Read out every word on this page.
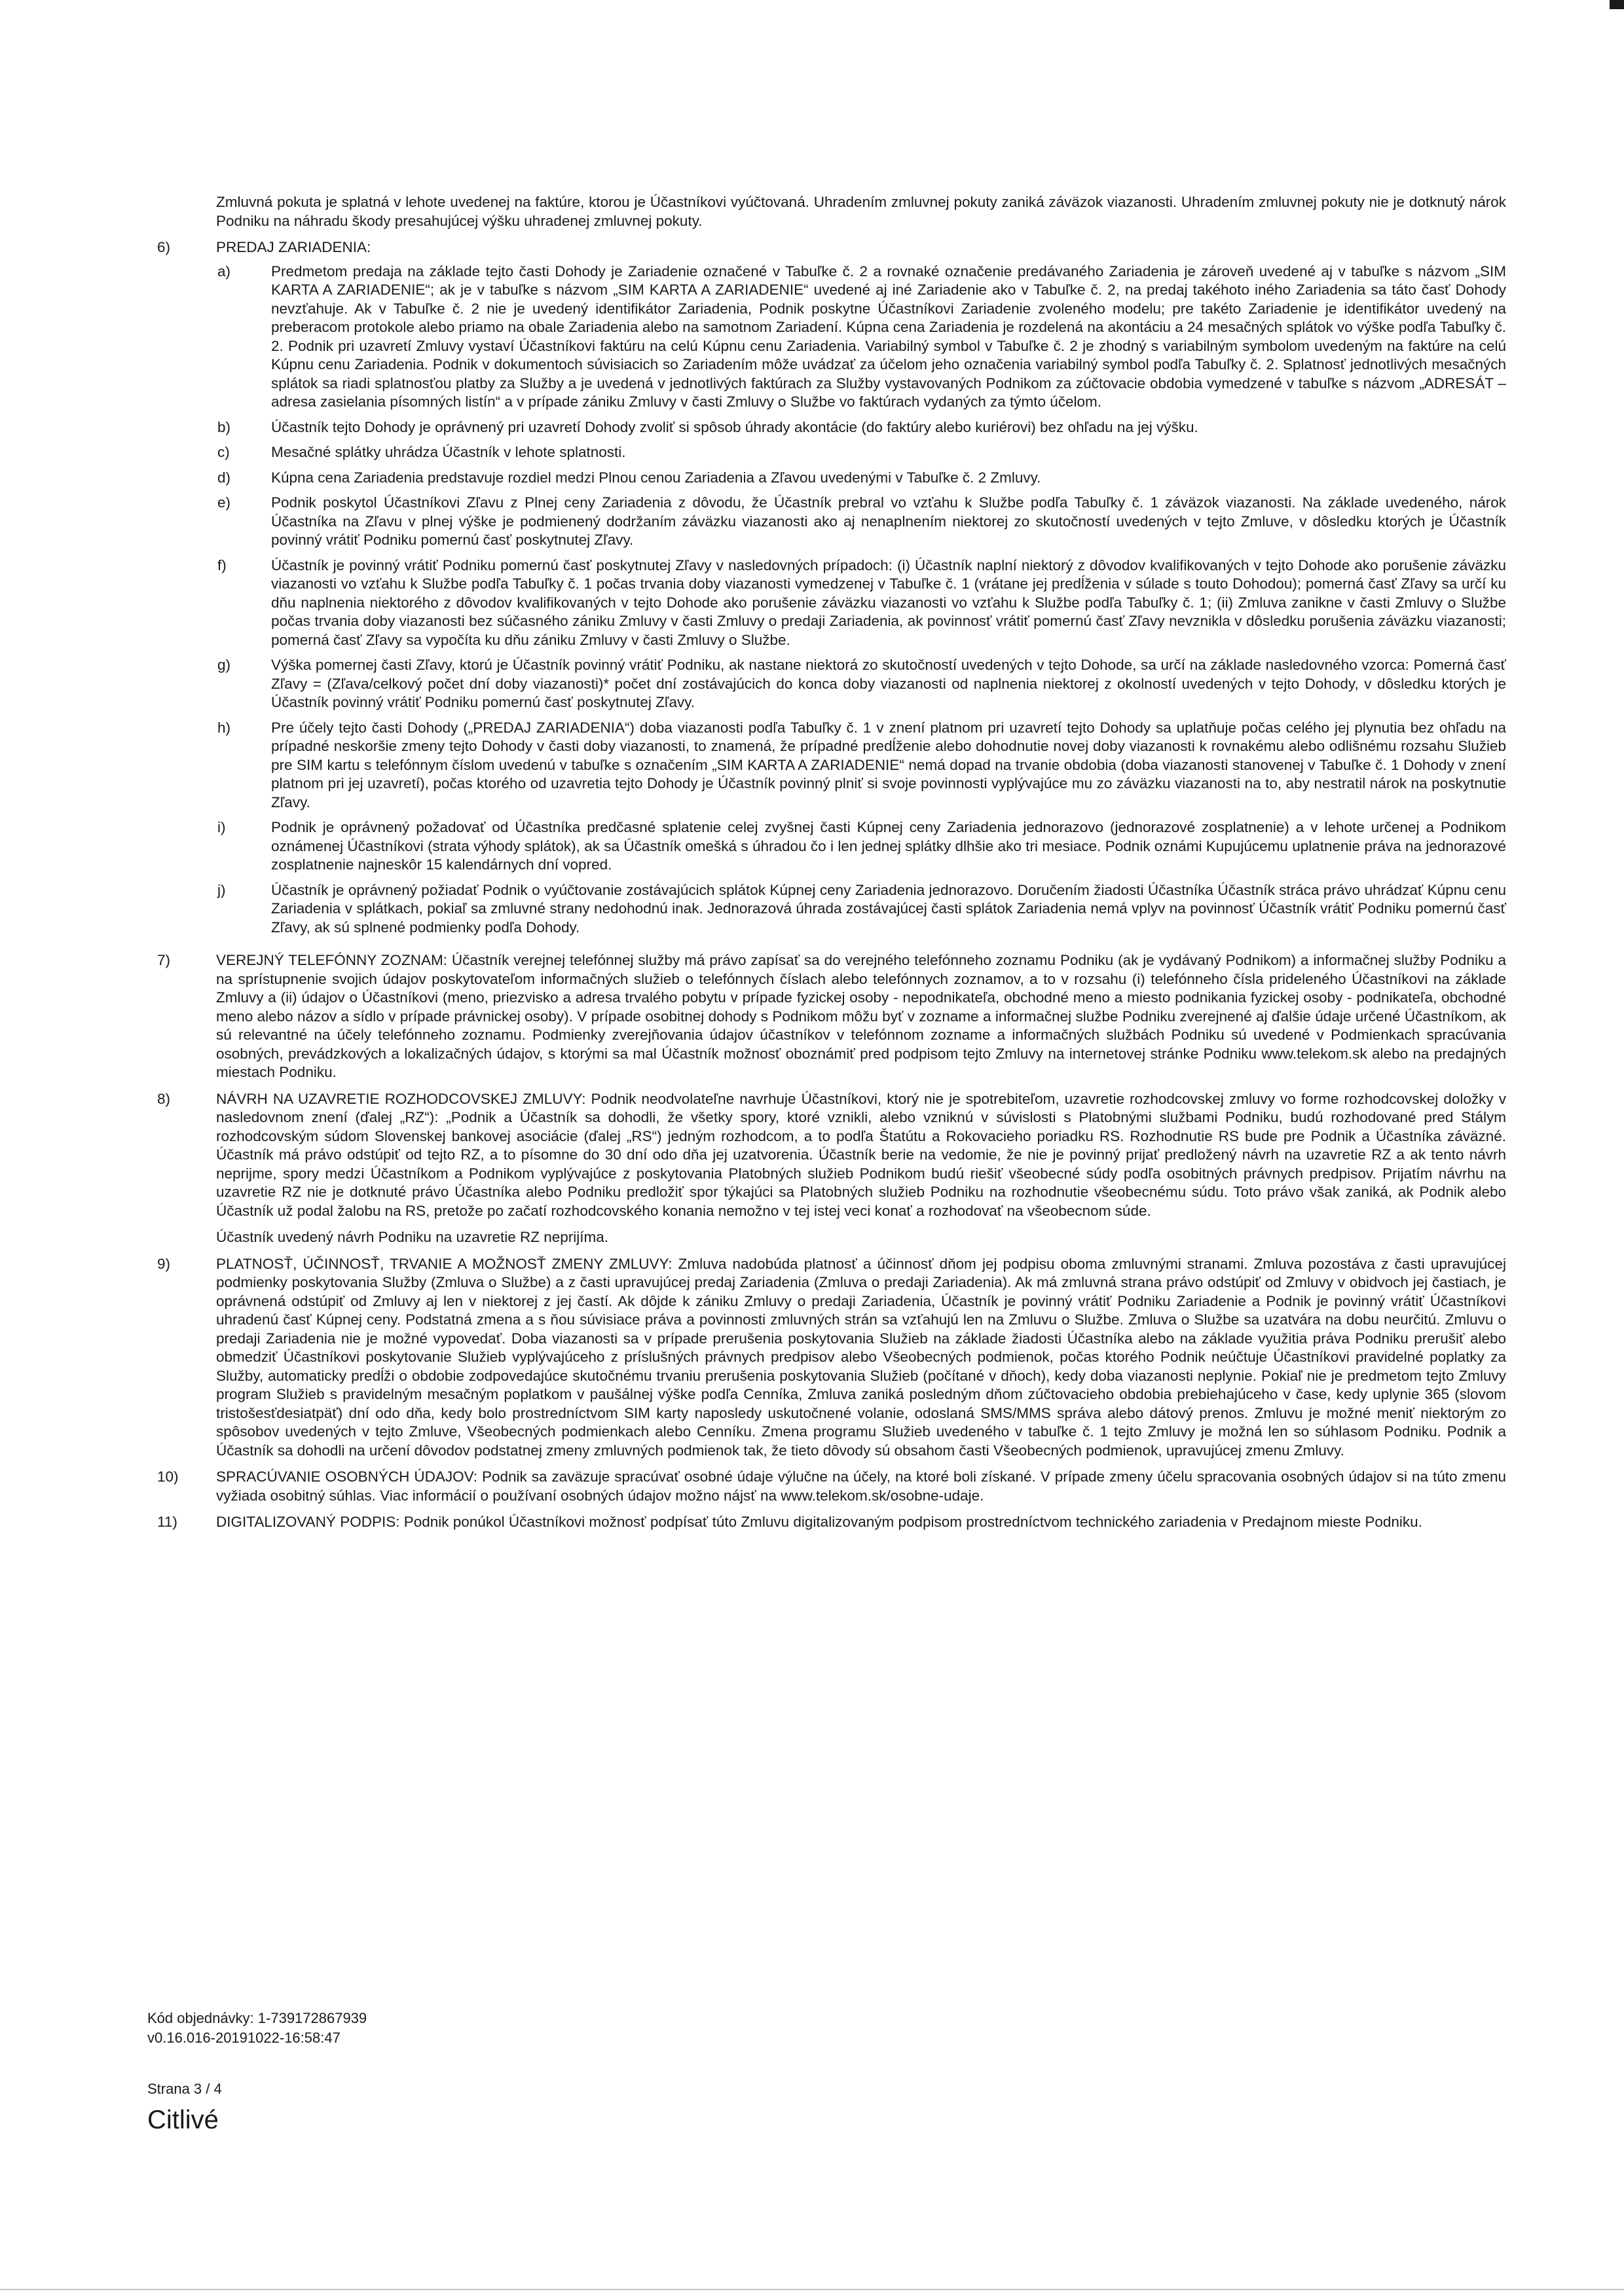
Zmluvná pokuta je splatná v lehote uvedenej na faktúre, ktorou je Účastníkovi vyúčtovaná. Uhradením zmluvnej pokuty zaniká záväzok viazanosti. Uhradením zmluvnej pokuty nie je dotknutý nárok Podniku na náhradu škody presahujúcej výšku uhradenej zmluvnej pokuty.

6)	PREDAJ ZARIADENIA:
a)	Predmetom predaja na základe tejto časti Dohody je Zariadenie označené v Tabuľke č. 2 a rovnaké označenie predávaného Zariadenia je zároveň uvedené aj v tabuľke s názvom „SIM KARTA A ZARIADENIE“; ak je v tabuľke s názvom „SIM KARTA A ZARIADENIE“ uvedené aj iné Zariadenie ako v Tabuľke č. 2, na predaj takéhoto iného Zariadenia sa táto časť Dohody nevzťahuje. Ak v Tabuľke č. 2 nie je uvedený identifikátor Zariadenia, Podnik poskytne Účastníkovi Zariadenie zvoleného modelu; pre takéto Zariadenie je identifikátor uvedený na preberacom protokole alebo priamo na obale Zariadenia alebo na samotnom Zariadení. Kúpna cena Zariadenia je rozdelená na akontáciu a 24 mesačných splátok vo výške podľa Tabuľky č. 2. Podnik pri uzavretí Zmluvy vystaví Účastníkovi faktúru na celú Kúpnu cenu Zariadenia. Variabilný symbol v Tabuľke č. 2 je zhodný s variabilným symbolom uvedeným na faktúre na celú Kúpnu cenu Zariadenia. Podnik v dokumentoch súvisiacich so Zariadením môže uvádzať za účelom jeho označenia variabilný symbol podľa Tabuľky č. 2. Splatnosť jednotlivých mesačných splátok sa riadi splatnosťou platby za Služby a je uvedená v jednotlivých faktúrach za Služby vystavovaných Podnikom za zúčtovacie obdobia vymedzené v tabuľke s názvom „ADRESÁT – adresa zasielania písomných listín“ a v prípade zániku Zmluvy v časti Zmluvy o Službe vo faktúrach vydaných za týmto účelom.
b)	Účastník tejto Dohody je oprávnený pri uzavretí Dohody zvoliť si spôsob úhrady akontácie (do faktúry alebo kuriérovi) bez ohľadu na jej výšku.
c)	Mesačné splátky uhrádza Účastník v lehote splatnosti.
d)	Kúpna cena Zariadenia predstavuje rozdiel medzi Plnou cenou Zariadenia a Zľavou uvedenými v Tabuľke č. 2 Zmluvy.
e)	Podnik poskytol Účastníkovi Zľavu z Plnej ceny Zariadenia z dôvodu, že Účastník prebral vo vzťahu k Službe podľa Tabuľky č. 1 záväzok viazanosti. Na základe uvedeného, nárok Účastníka na Zľavu v plnej výške je podmienený dodržaním záväzku viazanosti ako aj nenaplnením niektorej zo skutočností uvedených v tejto Zmluve, v dôsledku ktorých je Účastník povinný vrátiť Podniku pomernú časť poskytnutej Zľavy.
f)	Účastník je povinný vrátiť Podniku pomernú časť poskytnutej Zľavy v nasledovných prípadoch: (i) Účastník naplní niektorý z dôvodov kvalifikovaných v tejto Dohode ako porušenie záväzku viazanosti vo vzťahu k Službe podľa Tabuľky č. 1 počas trvania doby viazanosti vymedzenej v Tabuľke č. 1 (vrátane jej predĺženia v súlade s touto Dohodou); pomerná časť Zľavy sa určí ku dňu naplnenia niektorého z dôvodov kvalifikovaných v tejto Dohode ako porušenie záväzku viazanosti vo vzťahu k Službe podľa Tabuľky č. 1; (ii) Zmluva zanikne v časti Zmluvy o Službe počas trvania doby viazanosti bez súčasného zániku Zmluvy v časti Zmluvy o predaji Zariadenia, ak povinnosť vrátiť pomernú časť Zľavy nevznikla v dôsledku porušenia záväzku viazanosti; pomerná časť Zľavy sa vypočíta ku dňu zániku Zmluvy v časti Zmluvy o Službe.
g)	Výška pomernej časti Zľavy, ktorú je Účastník povinný vrátiť Podniku, ak nastane niektorá zo skutočností uvedených v tejto Dohode, sa určí na základe nasledovného vzorca: Pomerná časť Zľavy = (Zľava/celkový počet dní doby viazanosti)* počet dní zostávajúcich do konca doby viazanosti od naplnenia niektorej z okolností uvedených v tejto Dohody, v dôsledku ktorých je Účastník povinný vrátiť Podniku pomernú časť poskytnutej Zľavy.
h)	Pre účely tejto časti Dohody („PREDAJ ZARIADENIA“) doba viazanosti podľa Tabuľky č. 1 v znení platnom pri uzavretí tejto Dohody sa uplatňuje počas celého jej plynutia bez ohľadu na prípadné neskoršie zmeny tejto Dohody v časti doby viazanosti, to znamená, že prípadné predĺženie alebo dohodnutie novej doby viazanosti k rovnakému alebo odlišnému rozsahu Služieb pre SIM kartu s telefónnym číslom uvedenú v tabuľke s označením „SIM KARTA A ZARIADENIE“ nemá dopad na trvanie obdobia (doba viazanosti stanovenej v Tabuľke č. 1 Dohody v znení platnom pri jej uzavretí), počas ktorého od uzavretia tejto Dohody je Účastník povinný plniť si svoje povinnosti vyplývajúce mu zo záväzku viazanosti na to, aby nestratil nárok na poskytnutie Zľavy.
i)	Podnik je oprávnený požadovať od Účastníka predčasné splatenie celej zvyšnej časti Kúpnej ceny Zariadenia jednorazovo (jednorazové zosplatnenie) a v lehote určenej a Podnikom oznámenej Účastníkovi (strata výhody splátok), ak sa Účastník omešká s úhradou čo i len jednej splátky dlhšie ako tri mesiace. Podnik oznámi Kupujúcemu uplatnenie práva na jednorazové zosplatnenie najneskôr 15 kalendárnych dní vopred.
j)	Účastník je oprávnený požiadať Podnik o vyúčtovanie zostávajúcich splátok Kúpnej ceny Zariadenia jednorazovo. Doručením žiadosti Účastníka Účastník stráca právo uhrádzať Kúpnu cenu Zariadenia v splátkach, pokiaľ sa zmluvné strany nedohodnú inak. Jednorazová úhrada zostávajúcej časti splátok Zariadenia nemá vplyv na povinnosť Účastník vrátiť Podniku pomernú časť Zľavy, ak sú splnené podmienky podľa Dohody.
7)	VEREJNÝ TELEFÓNNY ZOZNAM: Účastník verejnej telefónnej služby má právo zapísať sa do verejného telefónneho zoznamu Podniku (ak je vydávaný Podnikom) a informačnej služby Podniku a na sprístupnenie svojich údajov poskytovateľom informačných služieb o telefónnych číslach alebo telefónnych zoznamov, a to v rozsahu (i) telefónneho čísla prideleného Účastníkovi na základe Zmluvy a (ii) údajov o Účastníkovi (meno, priezvisko a adresa trvalého pobytu v prípade fyzickej osoby - nepodnikateľa, obchodné meno a miesto podnikania fyzickej osoby - podnikateľa, obchodné meno alebo názov a sídlo v prípade právnickej osoby). V prípade osobitnej dohody s Podnikom môžu byť v zozname a informačnej službe Podniku zverejnené aj ďalšie údaje určené Účastníkom, ak sú relevantné na účely telefónneho zoznamu. Podmienky zverejňovania údajov účastníkov v telefónnom zozname a informačných službách Podniku sú uvedené v Podmienkach spracúvania osobných, prevádzkových a lokalizačných údajov, s ktorými sa mal Účastník možnosť oboznámiť pred podpisom tejto Zmluvy na internetovej stránke Podniku www.telekom.sk alebo na predajných miestach Podniku.

8)	NÁVRH NA UZAVRETIE ROZHODCOVSKEJ ZMLUVY: Podnik neodvolateľne navrhuje Účastníkovi, ktorý nie je spotrebiteľom, uzavretie rozhodcovskej zmluvy vo forme rozhodcovskej doložky v nasledovnom znení (ďalej „RZ“): „Podnik a Účastník sa dohodli, že všetky spory, ktoré vznikli, alebo vzniknú v súvislosti s Platobnými službami Podniku, budú rozhodované pred Stálym rozhodcovským súdom Slovenskej bankovej asociácie (ďalej „RS“) jedným rozhodcom, a to podľa Štatútu a Rokovacieho poriadku RS. Rozhodnutie RS bude pre Podnik a Účastníka záväzné. Účastník má právo odstúpiť od tejto RZ, a to písomne do 30 dní odo dňa jej uzatvorenia. Účastník berie na vedomie, že nie je povinný prijať predložený návrh na uzavretie RZ a ak tento návrh neprijme, spory medzi Účastníkom a Podnikom vyplývajúce z poskytovania Platobných služieb Podnikom budú riešiť všeobecné súdy podľa osobitných právnych predpisov. Prijatím návrhu na uzavretie RZ nie je dotknuté právo Účastníka alebo Podniku predložiť spor týkajúci sa Platobných služieb Podniku na rozhodnutie všeobecnému súdu. Toto právo však zaniká, ak Podnik alebo Účastník už podal žalobu na RS, pretože po začatí rozhodcovského konania nemožno v tej istej veci konať a rozhodovať na všeobecnom súde.

Účastník uvedený návrh Podniku na uzavretie RZ neprijíma.

9)	PLATNOSŤ, ÚČINNOSŤ, TRVANIE A MOŽNOSŤ ZMENY ZMLUVY: Zmluva nadobúda platnosť a účinnosť dňom jej podpisu oboma zmluvnými stranami. Zmluva pozostáva z časti upravujúcej podmienky poskytovania Služby (Zmluva o Službe) a z časti upravujúcej predaj Zariadenia (Zmluva o predaji Zariadenia). Ak má zmluvná strana právo odstúpiť od Zmluvy v obidvoch jej častiach, je oprávnená odstúpiť od Zmluvy aj len v niektorej z jej častí. Ak dôjde k zániku Zmluvy o predaji Zariadenia, Účastník je povinný vrátiť Podniku Zariadenie a Podnik je povinný vrátiť Účastníkovi uhradenú časť Kúpnej ceny. Podstatná zmena a s ňou súvisiace práva a povinnosti zmluvných strán sa vzťahujú len na Zmluvu o Službe. Zmluva o Službe sa uzatvára na dobu neurčitú. Zmluvu o predaji Zariadenia nie je možné vypovedať. Doba viazanosti sa v prípade prerušenia poskytovania Služieb na základe žiadosti Účastníka alebo na základe využitia práva Podniku prerušiť alebo obmedziť Účastníkovi poskytovanie Služieb vyplývajúceho z príslušných právnych predpisov alebo Všeobecných podmienok, počas ktorého Podnik neúčtuje Účastníkovi pravidelné poplatky za Služby, automaticky predĺži o obdobie zodpovedajúce skutočnému trvaniu prerušenia poskytovania Služieb (počítané v dňoch), kedy doba viazanosti neplynie. Pokiaľ nie je predmetom tejto Zmluvy program Služieb s pravidelným mesačným poplatkom v paušálnej výške podľa Cenníka, Zmluva zaniká posledným dňom zúčtovacieho obdobia prebiehajúceho v čase, kedy uplynie 365 (slovom tristošesťdesiatpäť) dní odo dňa, kedy bolo prostredníctvom SIM karty naposledy uskutočnené volanie, odoslaná SMS/MMS správa alebo dátový prenos. Zmluvu je možné meniť niektorým zo spôsobov uvedených v tejto Zmluve, Všeobecných podmienkach alebo Cenníku. Zmena programu Služieb uvedeného v tabuľke č. 1 tejto Zmluvy je možná len so súhlasom Podniku. Podnik a Účastník sa dohodli na určení dôvodov podstatnej zmeny zmluvných podmienok tak, že tieto dôvody sú obsahom časti Všeobecných podmienok, upravujúcej zmenu Zmluvy.

10)	SPRACÚVANIE OSOBNÝCH ÚDAJOV: Podnik sa zaväzuje spracúvať osobné údaje výlučne na účely, na ktoré boli získané. V prípade zmeny účelu spracovania osobných údajov si na túto zmenu vyžiada osobitný súhlas. Viac informácií o používaní osobných údajov možno nájsť na www.telekom.sk/osobne-udaje.

11)	DIGITALIZOVANÝ PODPIS: Podnik ponúkol Účastníkovi možnosť podpísať túto Zmluvu digitalizovaným podpisom prostredníctvom technického zariadenia v Predajnom mieste Podniku.

Kód objednávky: 1-739172867939
v0.16.016-20191022-16:58:47
Strana 3 / 4
Citlivé
